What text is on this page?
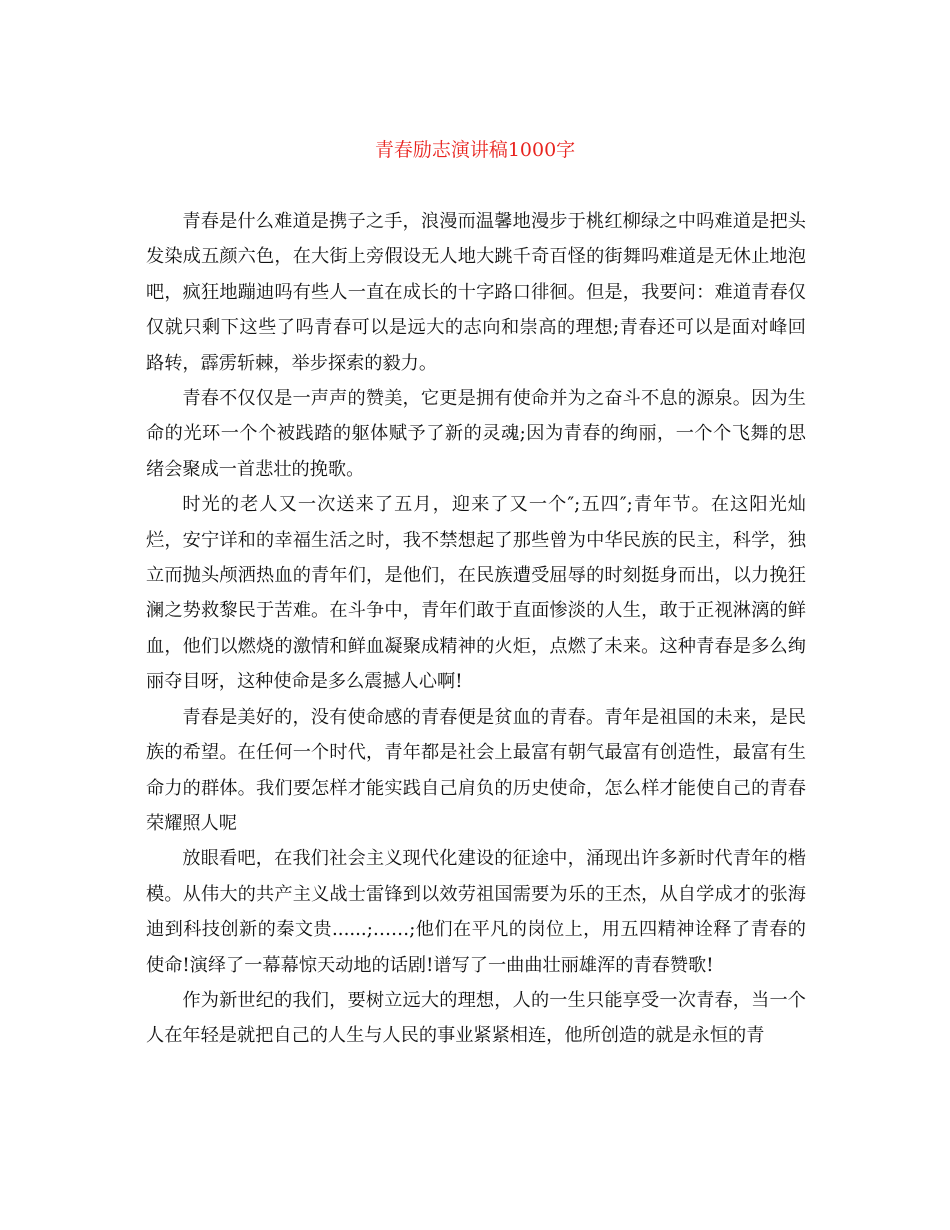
青春励志演讲稿1000字

青春是什么难道是携子之手，浪漫而温馨地漫步于桃红柳绿之中吗难道是把头发染成五颜六色，在大街上旁假设无人地大跳千奇百怪的街舞吗难道是无休止地泡吧，疯狂地蹦迪吗有些人一直在成长的十字路口徘徊。但是，我要问：难道青春仅仅就只剩下这些了吗青春可以是远大的志向和崇高的理想;青春还可以是面对峰回路转，霹雳斩棘，举步探索的毅力。

青春不仅仅是一声声的赞美，它更是拥有使命并为之奋斗不息的源泉。因为生命的光环一个个被践踏的躯体赋予了新的灵魂;因为青春的绚丽，一个个飞舞的思绪会聚成一首悲壮的挽歌。

时光的老人又一次送来了五月，迎来了又一个″;五四″;青年节。在这阳光灿烂，安宁详和的幸福生活之时，我不禁想起了那些曾为中华民族的民主，科学，独立而抛头颅洒热血的青年们，是他们，在民族遭受屈辱的时刻挺身而出，以力挽狂澜之势救黎民于苦难。在斗争中，青年们敢于直面惨淡的人生，敢于正视淋漓的鲜血，他们以燃烧的激情和鲜血凝聚成精神的火炬，点燃了未来。这种青春是多么绚丽夺目呀，这种使命是多么震撼人心啊!

青春是美好的，没有使命感的青春便是贫血的青春。青年是祖国的未来，是民族的希望。在任何一个时代，青年都是社会上最富有朝气最富有创造性，最富有生命力的群体。我们要怎样才能实践自己肩负的历史使命，怎么样才能使自己的青春荣耀照人呢

放眼看吧，在我们社会主义现代化建设的征途中，涌现出许多新时代青年的楷模。从伟大的共产主义战士雷锋到以效劳祖国需要为乐的王杰，从自学成才的张海迪到科技创新的秦文贵......;……;他们在平凡的岗位上，用五四精神诠释了青春的使命!演绎了一幕幕惊天动地的话剧!谱写了一曲曲壮丽雄浑的青春赞歌!

作为新世纪的我们，要树立远大的理想，人的一生只能享受一次青春，当一个人在年轻是就把自己的人生与人民的事业紧紧相连，他所创造的就是永恒的青
